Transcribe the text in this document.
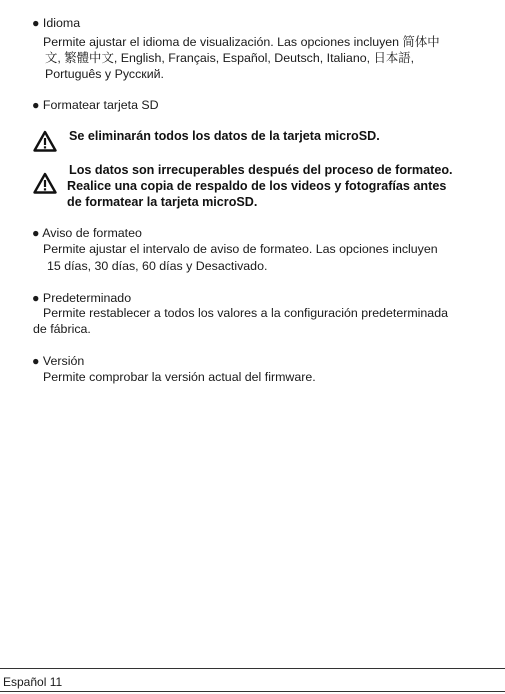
● Idioma
Permite ajustar el idioma de visualización. Las opciones incluyen 简体中
文, 繁體中文, English, Français, Español, Deutsch, Italiano, 日本語,
Português y Русский.
● Formatear tarjeta SD
Se eliminarán todos los datos de la tarjeta microSD.
Los datos son irrecuperables después del proceso de formateo.
Realice una copia de respaldo de los videos y fotografías antes
de formatear la tarjeta microSD.
● Aviso de formateo
Permite ajustar el intervalo de aviso de formateo. Las opciones incluyen
15 días, 30 días, 60 días y Desactivado.
● Predeterminado
Permite restablecer a todos los valores a la configuración predeterminada
de fábrica.
● Versión
Permite comprobar la versión actual del firmware.
Español 11
